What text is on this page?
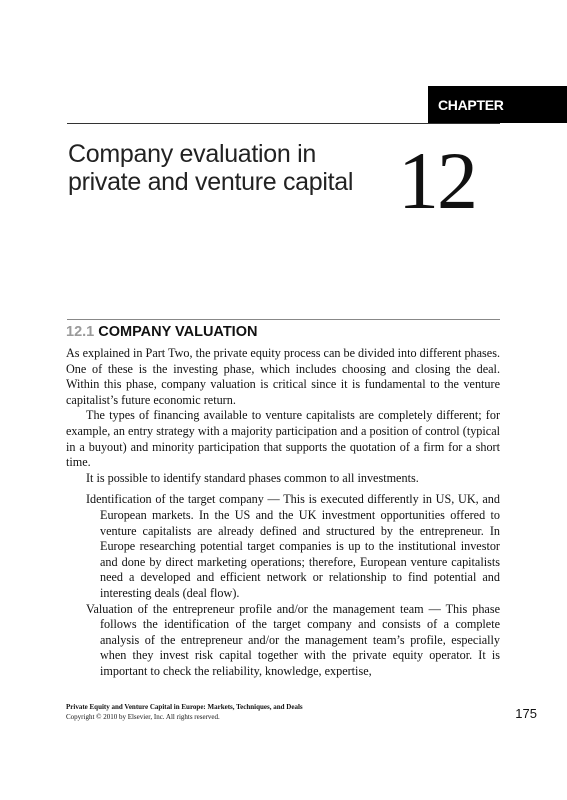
CHAPTER
Company evaluation in
private and venture capital 12
12.1 COMPANY VALUATION

As explained in Part Two, the private equity process can be divided into different phases. One of these is the investing phase, which includes choosing and closing the deal. Within this phase, company valuation is critical since it is fundamental to the venture capitalist’s future economic return.

The types of financing available to venture capitalists are completely different; for example, an entry strategy with a majority participation and a position of control (typical in a buyout) and minority participation that supports the quotation of a firm for a short time.

It is possible to identify standard phases common to all investments.

Identification of the target company — This is executed differently in US, UK, and European markets. In the US and the UK investment opportunities offered to venture capitalists are already defined and structured by the entrepreneur. In Europe researching potential target companies is up to the institutional investor and done by direct marketing operations; therefore, European venture capitalists need a developed and efficient network or relationship to find potential and interesting deals (deal flow).

Valuation of the entrepreneur profile and/or the management team — This phase follows the identification of the target company and consists of a complete analysis of the entrepreneur and/or the management team’s profile, especially when they invest risk capital together with the private equity operator. It is important to check the reliability, knowledge, expertise,

Private Equity and Venture Capital in Europe: Markets, Techniques, and Deals
Copyright © 2010 by Elsevier, Inc. All rights reserved.	175
